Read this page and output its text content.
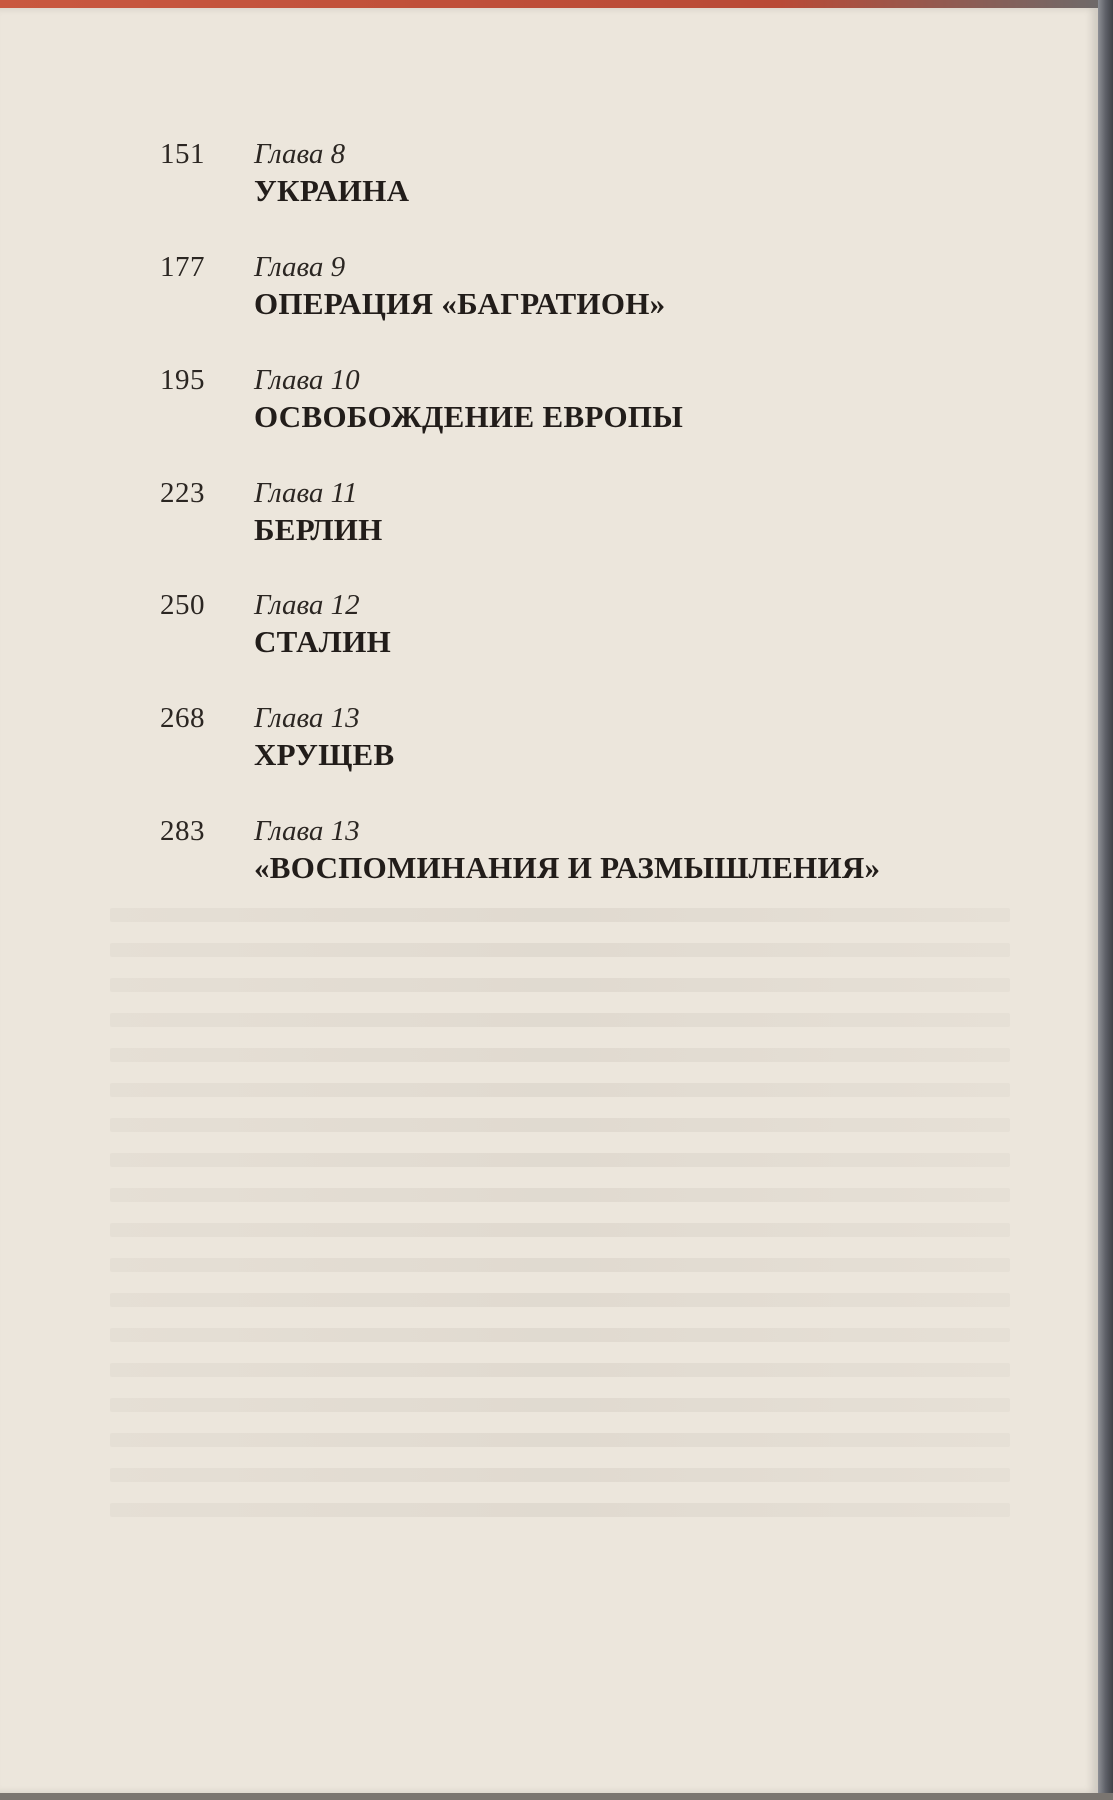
151 Глава 8
УКРАИНА
177 Глава 9
ОПЕРАЦИЯ «БАГРАТИОН»
195 Глава 10
ОСВОБОЖДЕНИЕ ЕВРОПЫ
223 Глава 11
БЕРЛИН
250 Глава 12
СТАЛИН
268 Глава 13
ХРУЩЕВ
283 Глава 13
«ВОСПОМИНАНИЯ И РАЗМЫШЛЕНИЯ»
